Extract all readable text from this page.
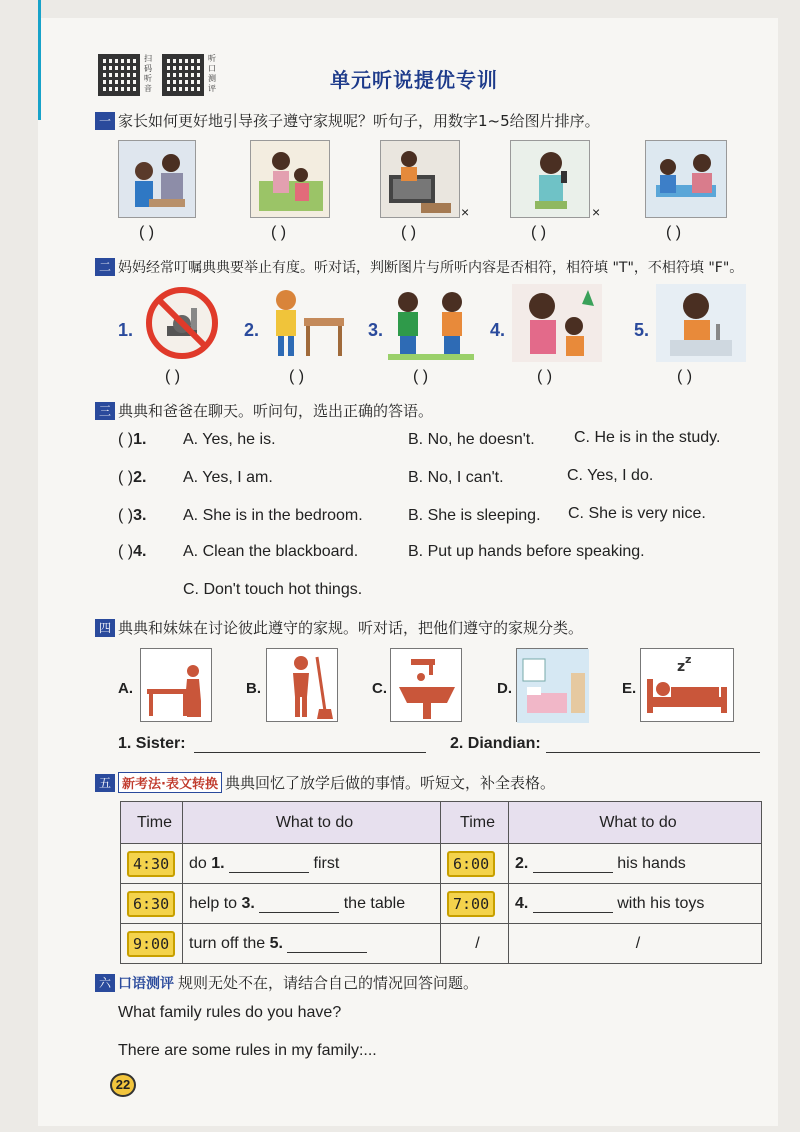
扫码听音
听口测评	单元听说提优专训
一 家长如何更好地引导孩子遵守家规呢？听句子，用数字1~5给图片排序。
×	×
( )	( )	( )	( )	( )
二 妈妈经常叮嘱典典要举止有度。听对话，判断图片与所听内容是否相符，相符填 "T"，不相符填 "F"。
1.	2.	3.	4.	5.
( )	( )	( )	( )	( )
三 典典和爸爸在聊天。听问句，选出正确的答语。
( )1. A. Yes, he is.	B. No, he doesn't. C. He is in the study.
( )2. A. Yes, I am.	B. No, I can't.	C. Yes, I do.
( )3. A. She is in the bedroom.	B. She is sleeping. C. She is very nice.
( )4. A. Clean the blackboard.	B. Put up hands before speaking.
C. Don't touch hot things.
四 典典和妹妹在讨论彼此遵守的家规。听对话，把他们遵守的家规分类。
A.	B.	C.	D.	E.
z z
1. Sister:	2. Diandian:
五 新考法·表文转换 典典回忆了放学后做的事情。听短文，补全表格。
Time	What to do	Time	What to do
4:30	do 1. first	6:00	2. his hands
6:30	help to 3. the table	7:00	4. with his toys
9:00	turn off the 5.	/	/
六 口语测评 规则无处不在，请结合自己的情况回答问题。
What family rules do you have?
There are some rules in my family:...
22
